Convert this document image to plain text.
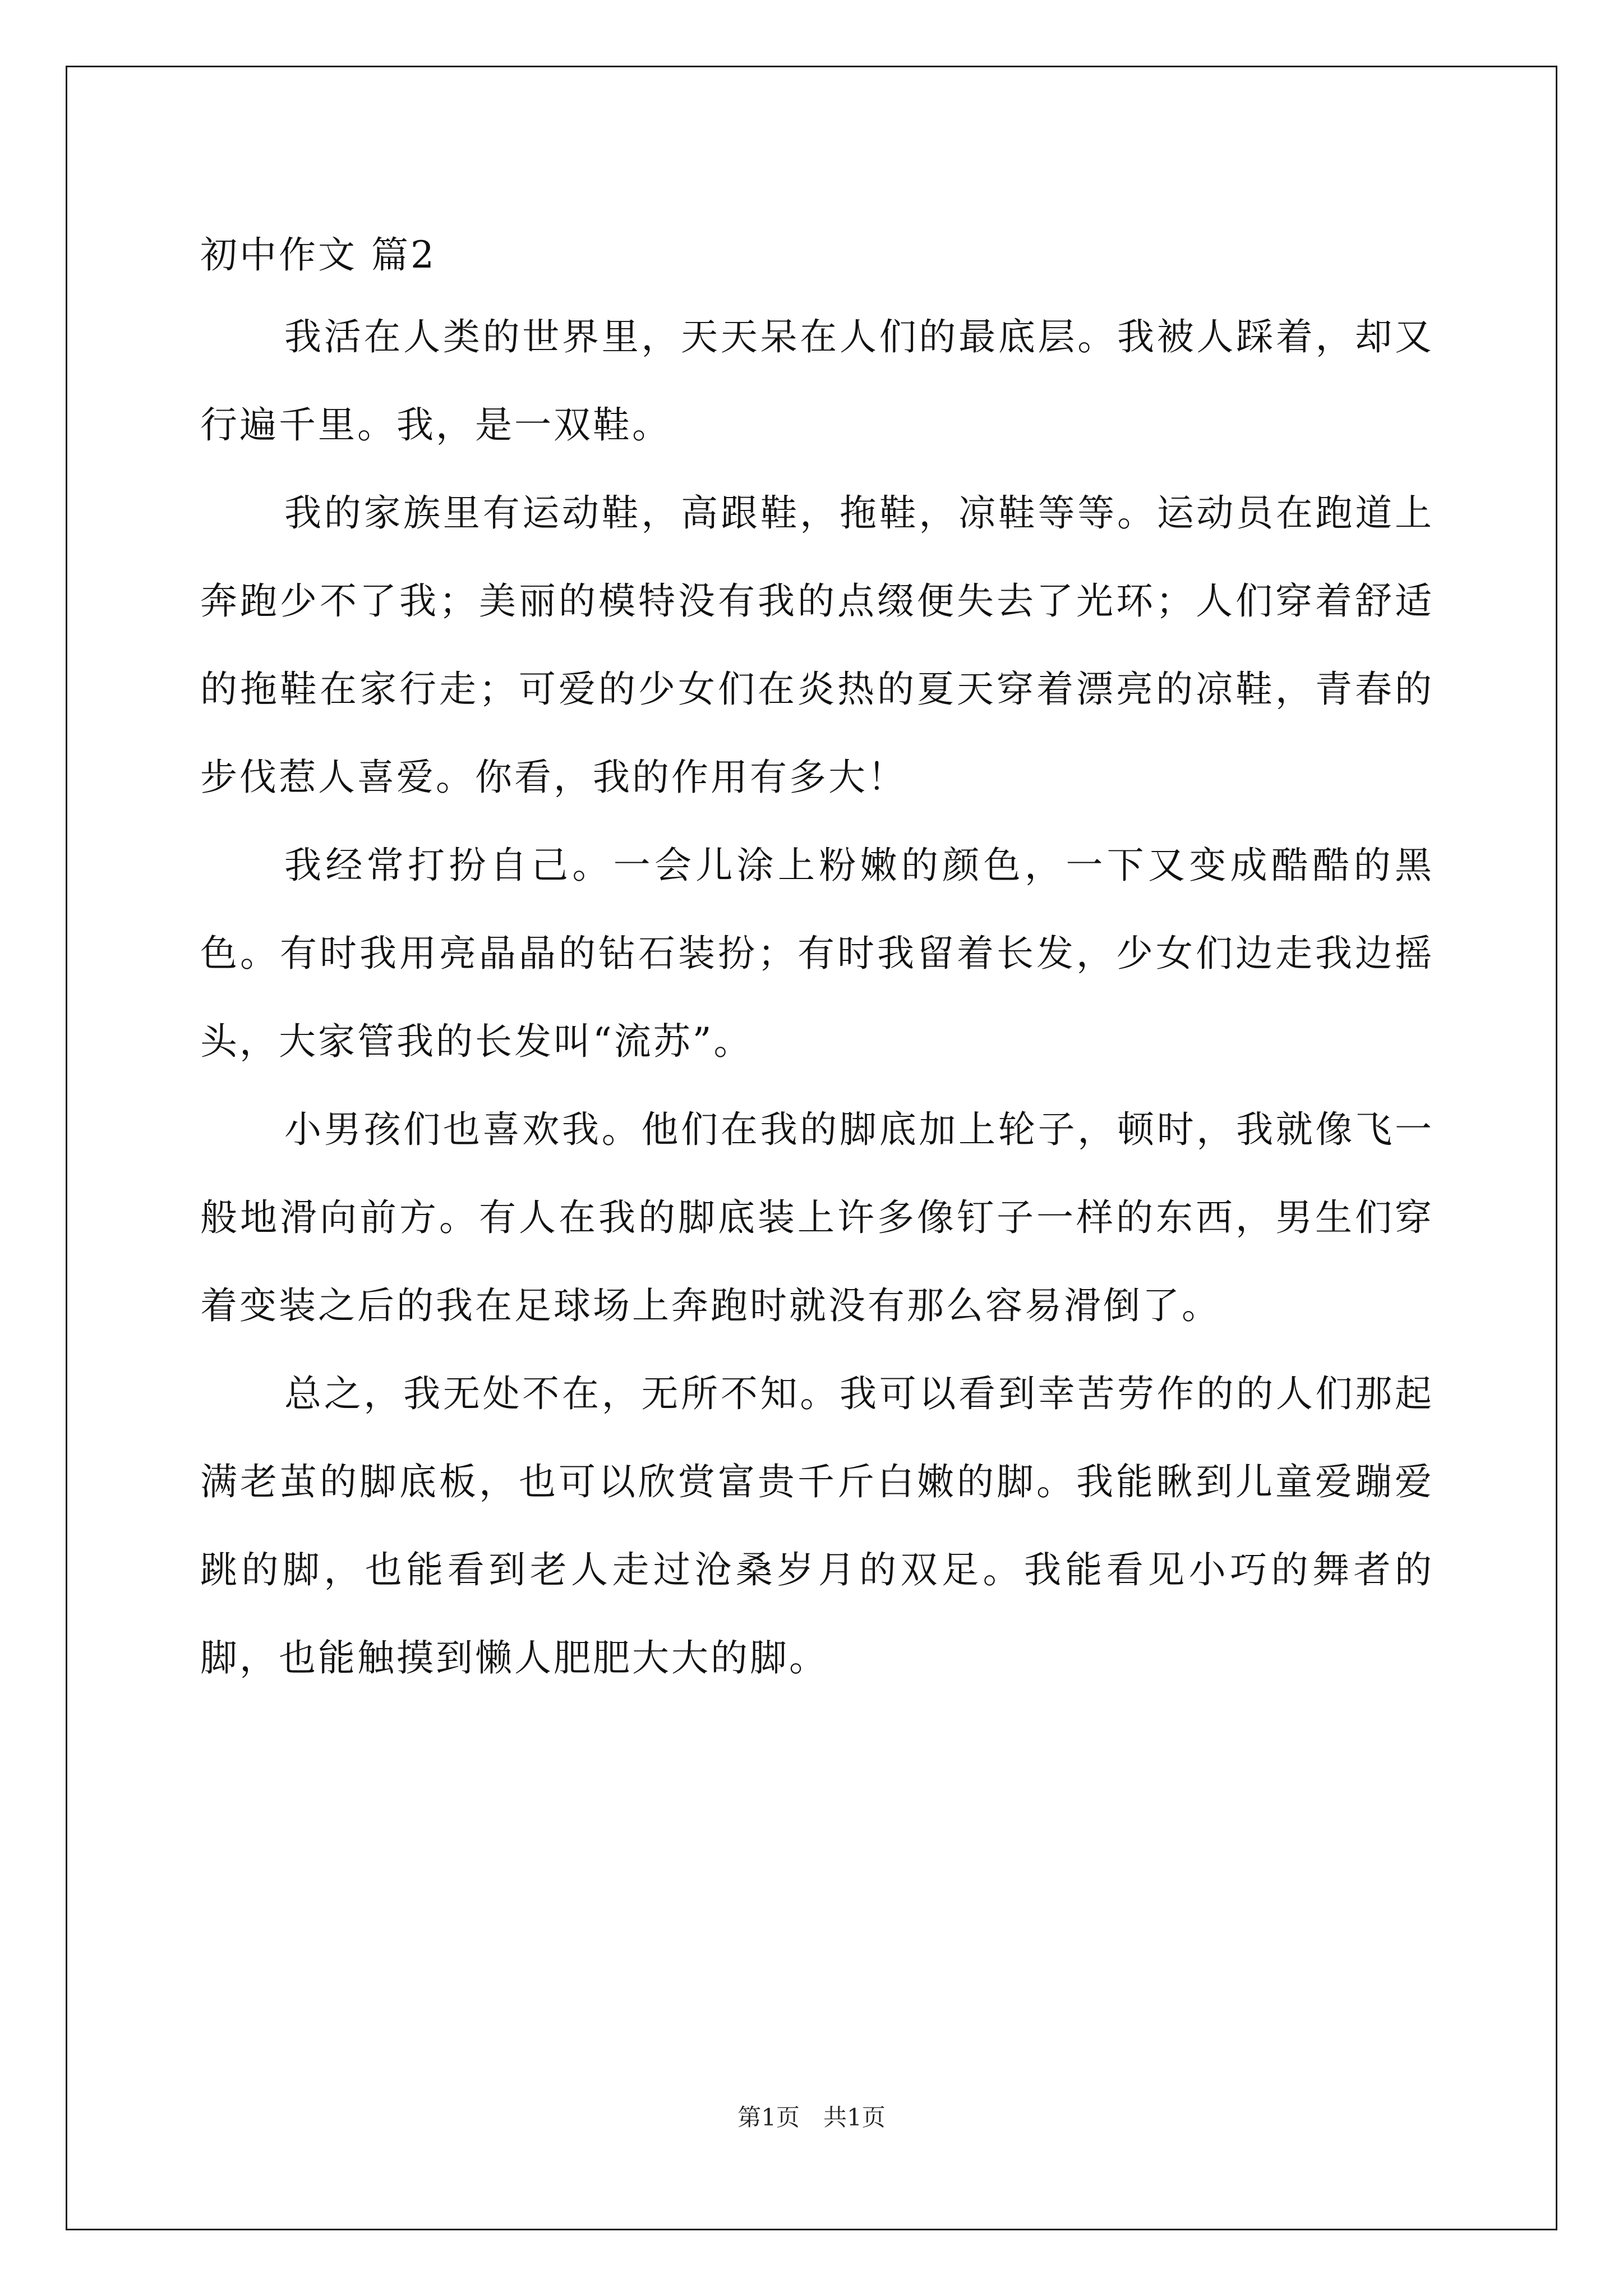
初中作文 篇2

我活在人类的世界里，天天呆在人们的最底层。我被人踩着，却又行遍千里。我，是一双鞋。

我的家族里有运动鞋，高跟鞋，拖鞋，凉鞋等等。运动员在跑道上奔跑少不了我；美丽的模特没有我的点缀便失去了光环；人们穿着舒适的拖鞋在家行走；可爱的少女们在炎热的夏天穿着漂亮的凉鞋，青春的步伐惹人喜爱。你看，我的作用有多大！

我经常打扮自己。一会儿涂上粉嫩的颜色，一下又变成酷酷的黑色。有时我用亮晶晶的钻石装扮；有时我留着长发，少女们边走我边摇头，大家管我的长发叫“流苏”。

小男孩们也喜欢我。他们在我的脚底加上轮子，顿时，我就像飞一般地滑向前方。有人在我的脚底装上许多像钉子一样的东西，男生们穿着变装之后的我在足球场上奔跑时就没有那么容易滑倒了。

总之，我无处不在，无所不知。我可以看到幸苦劳作的的人们那起满老茧的脚底板，也可以欣赏富贵千斤白嫩的脚。我能瞅到儿童爱蹦爱跳的脚，也能看到老人走过沧桑岁月的双足。我能看见小巧的舞者的脚，也能触摸到懒人肥肥大大的脚。

第1页　共1页
